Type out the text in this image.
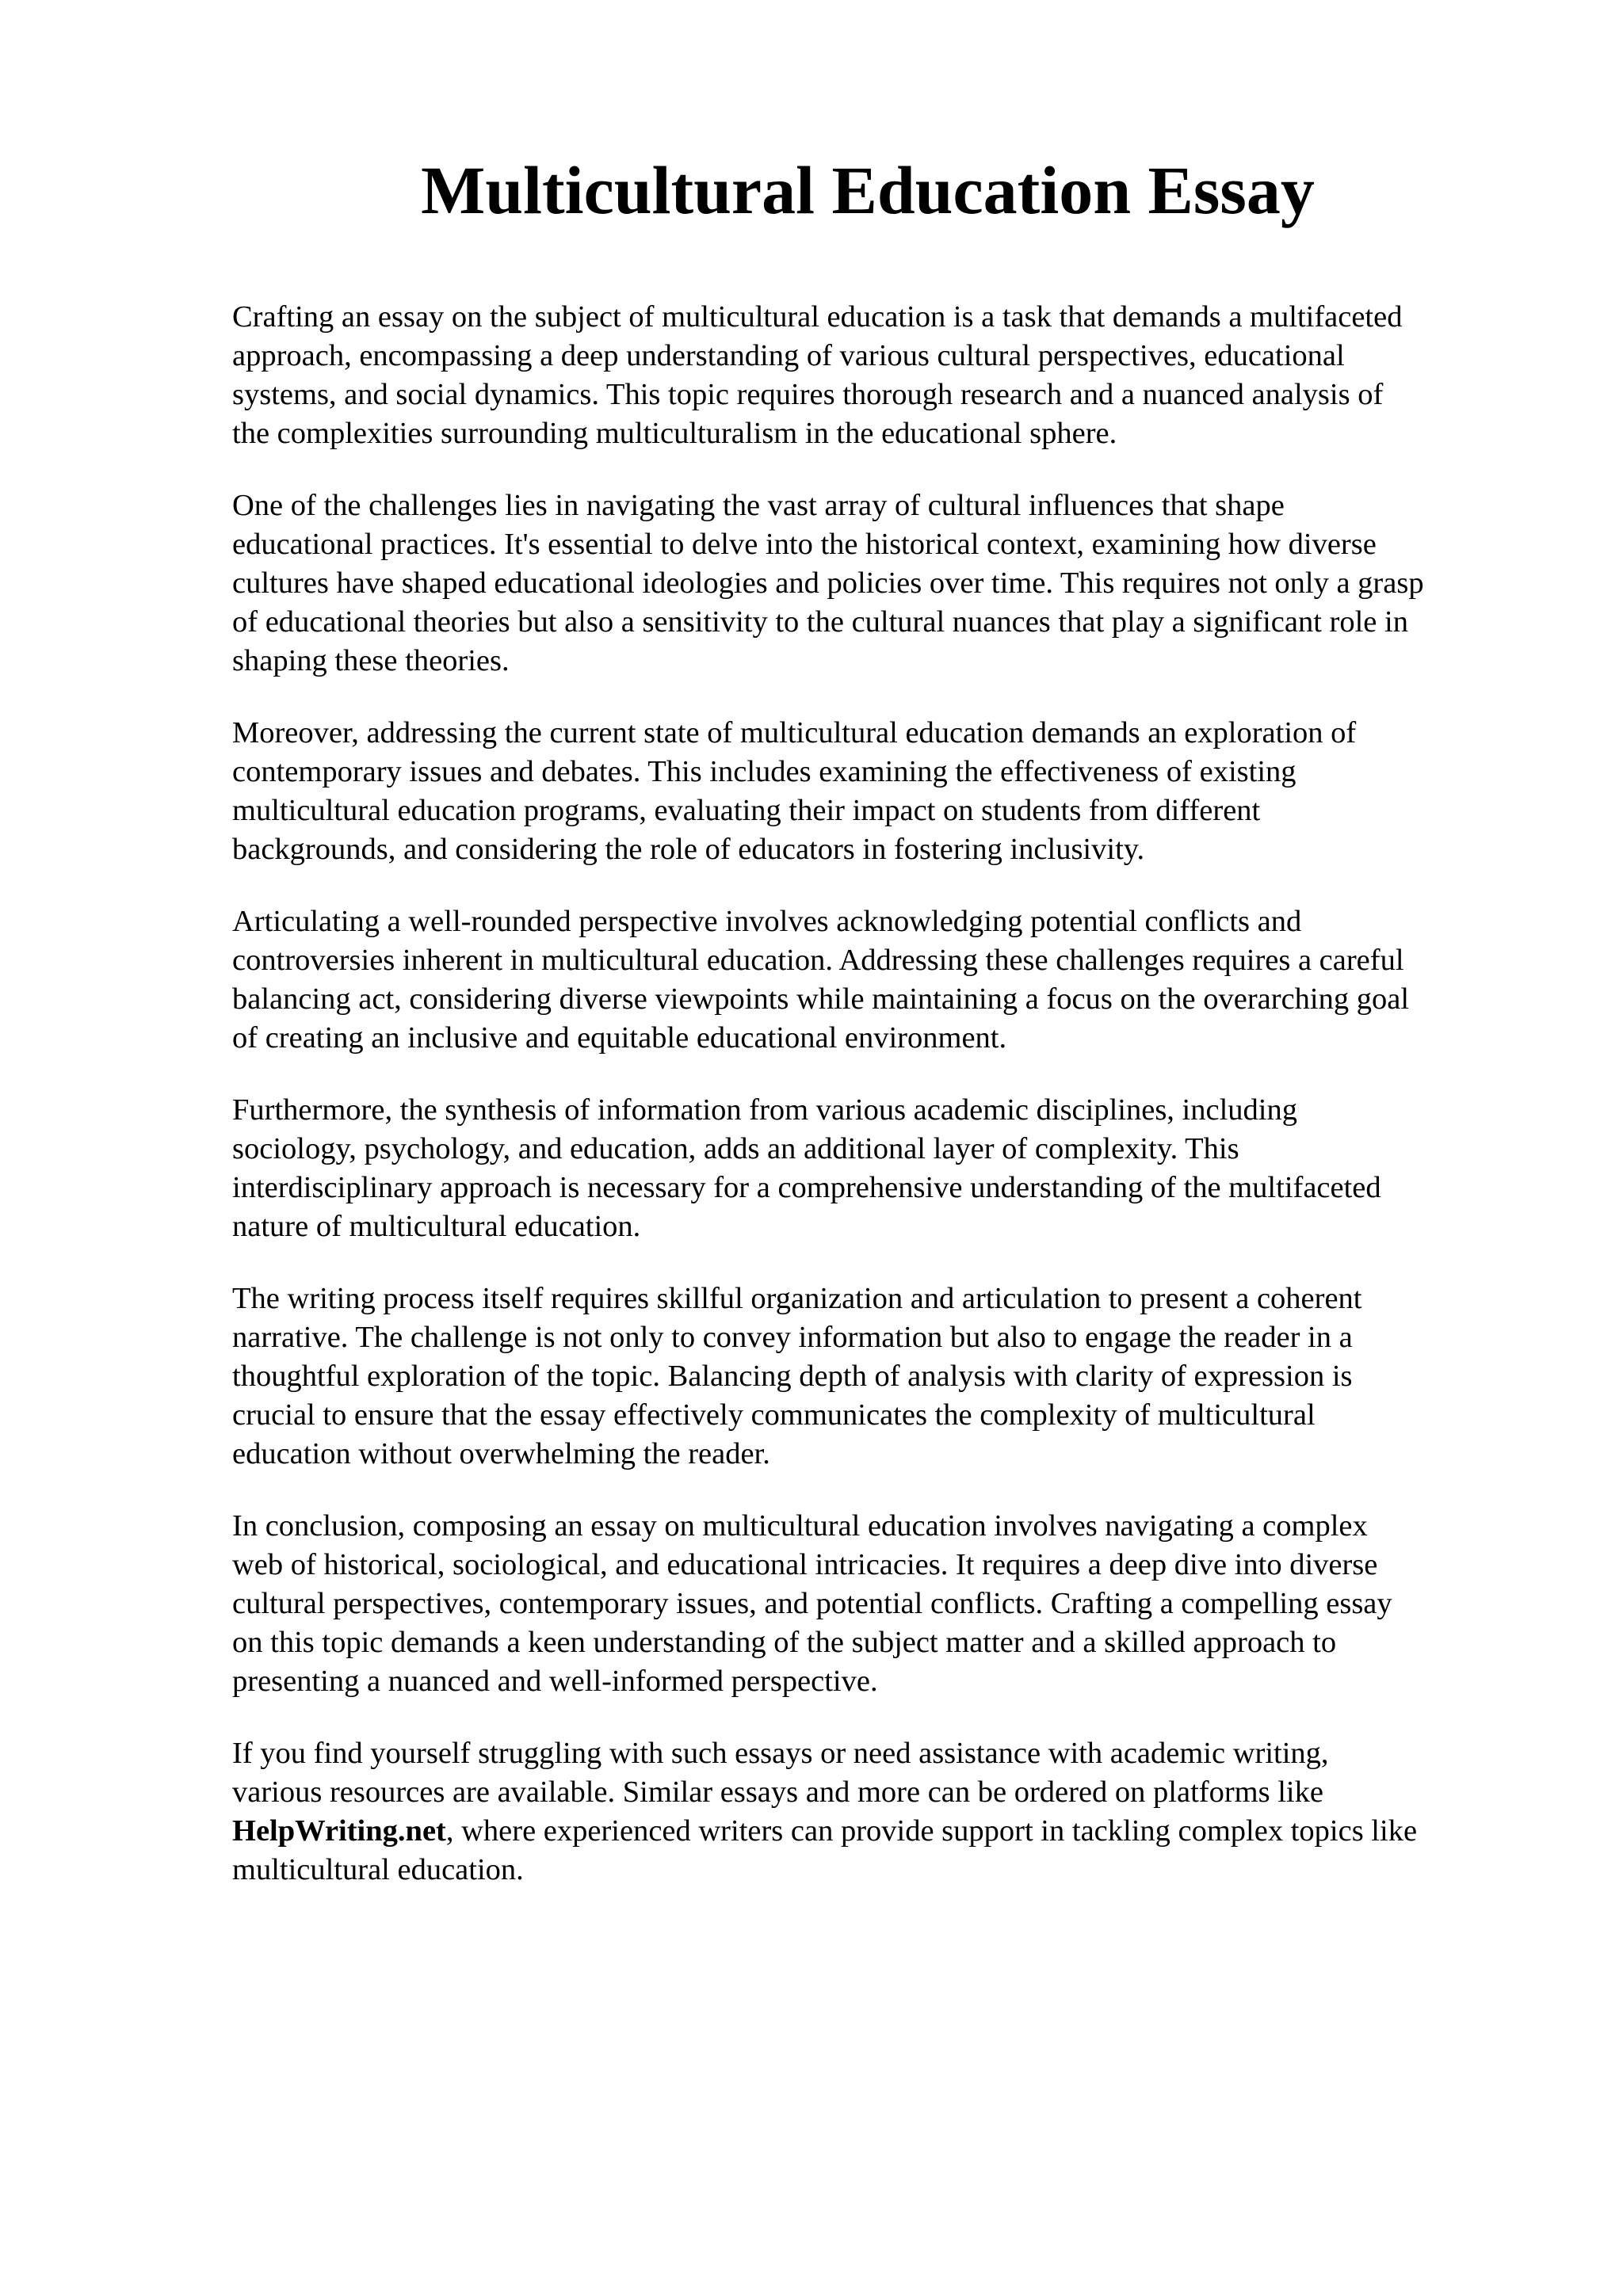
Multicultural Education Essay

Crafting an essay on the subject of multicultural education is a task that demands a multifaceted
approach, encompassing a deep understanding of various cultural perspectives, educational
systems, and social dynamics. This topic requires thorough research and a nuanced analysis of
the complexities surrounding multiculturalism in the educational sphere.

One of the challenges lies in navigating the vast array of cultural influences that shape
educational practices. It's essential to delve into the historical context, examining how diverse
cultures have shaped educational ideologies and policies over time. This requires not only a grasp
of educational theories but also a sensitivity to the cultural nuances that play a significant role in
shaping these theories.

Moreover, addressing the current state of multicultural education demands an exploration of
contemporary issues and debates. This includes examining the effectiveness of existing
multicultural education programs, evaluating their impact on students from different
backgrounds, and considering the role of educators in fostering inclusivity.

Articulating a well-rounded perspective involves acknowledging potential conflicts and
controversies inherent in multicultural education. Addressing these challenges requires a careful
balancing act, considering diverse viewpoints while maintaining a focus on the overarching goal
of creating an inclusive and equitable educational environment.

Furthermore, the synthesis of information from various academic disciplines, including
sociology, psychology, and education, adds an additional layer of complexity. This
interdisciplinary approach is necessary for a comprehensive understanding of the multifaceted
nature of multicultural education.

The writing process itself requires skillful organization and articulation to present a coherent
narrative. The challenge is not only to convey information but also to engage the reader in a
thoughtful exploration of the topic. Balancing depth of analysis with clarity of expression is
crucial to ensure that the essay effectively communicates the complexity of multicultural
education without overwhelming the reader.

In conclusion, composing an essay on multicultural education involves navigating a complex
web of historical, sociological, and educational intricacies. It requires a deep dive into diverse
cultural perspectives, contemporary issues, and potential conflicts. Crafting a compelling essay
on this topic demands a keen understanding of the subject matter and a skilled approach to
presenting a nuanced and well-informed perspective.

If you find yourself struggling with such essays or need assistance with academic writing,
various resources are available. Similar essays and more can be ordered on platforms like
HelpWriting.net, where experienced writers can provide support in tackling complex topics like
multicultural education.
